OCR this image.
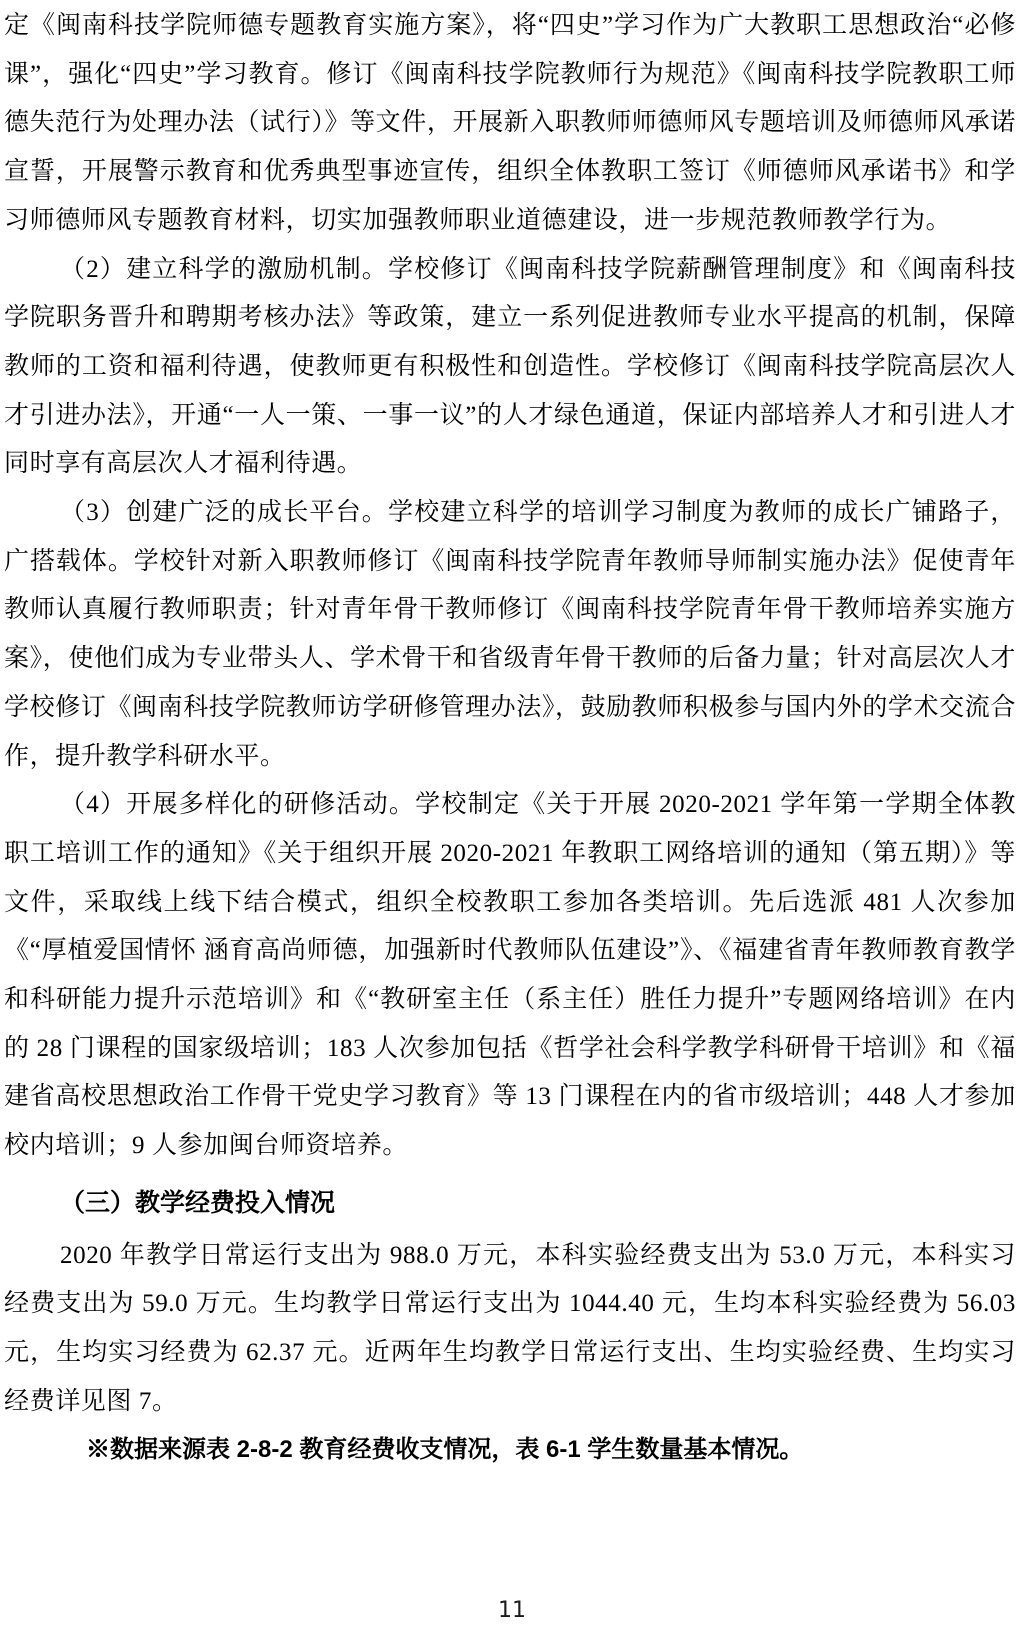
定《闽南科技学院师德专题教育实施方案》，将“四史”学习作为广大教职工思想政治“必修课”，强化“四史”学习教育。修订《闽南科技学院教师行为规范》《闽南科技学院教职工师德失范行为处理办法（试行）》等文件，开展新入职教师师德师风专题培训及师德师风承诺宣誓，开展警示教育和优秀典型事迹宣传，组织全体教职工签订《师德师风承诺书》和学习师德师风专题教育材料，切实加强教师职业道德建设，进一步规范教师教学行为。

（2）建立科学的激励机制。学校修订《闽南科技学院薪酬管理制度》和《闽南科技学院职务晋升和聘期考核办法》等政策，建立一系列促进教师专业水平提高的机制，保障教师的工资和福利待遇，使教师更有积极性和创造性。学校修订《闽南科技学院高层次人才引进办法》，开通“一人一策、一事一议”的人才绿色通道，保证内部培养人才和引进人才同时享有高层次人才福利待遇。

（3）创建广泛的成长平台。学校建立科学的培训学习制度为教师的成长广铺路子，广搭载体。学校针对新入职教师修订《闽南科技学院青年教师导师制实施办法》促使青年教师认真履行教师职责；针对青年骨干教师修订《闽南科技学院青年骨干教师培养实施方案》，使他们成为专业带头人、学术骨干和省级青年骨干教师的后备力量；针对高层次人才学校修订《闽南科技学院教师访学研修管理办法》，鼓励教师积极参与国内外的学术交流合作，提升教学科研水平。

（4）开展多样化的研修活动。学校制定《关于开展 2020-2021 学年第一学期全体教职工培训工作的通知》《关于组织开展 2020-2021 年教职工网络培训的通知（第五期）》等文件，采取线上线下结合模式，组织全校教职工参加各类培训。先后选派 481 人次参加《“厚植爱国情怀 涵育高尚师德，加强新时代教师队伍建设”》、《福建省青年教师教育教学和科研能力提升示范培训》和《“教研室主任（系主任）胜任力提升”专题网络培训》在内的 28 门课程的国家级培训；183 人次参加包括《哲学社会科学教学科研骨干培训》和《福建省高校思想政治工作骨干党史学习教育》等 13 门课程在内的省市级培训；448 人才参加校内培训；9 人参加闽台师资培养。

（三）教学经费投入情况

2020 年教学日常运行支出为 988.0 万元，本科实验经费支出为 53.0 万元，本科实习经费支出为 59.0 万元。生均教学日常运行支出为 1044.40 元，生均本科实验经费为 56.03 元，生均实习经费为 62.37 元。近两年生均教学日常运行支出、生均实验经费、生均实习经费详见图 7。

※数据来源表 2-8-2 教育经费收支情况，表 6-1 学生数量基本情况。

11
